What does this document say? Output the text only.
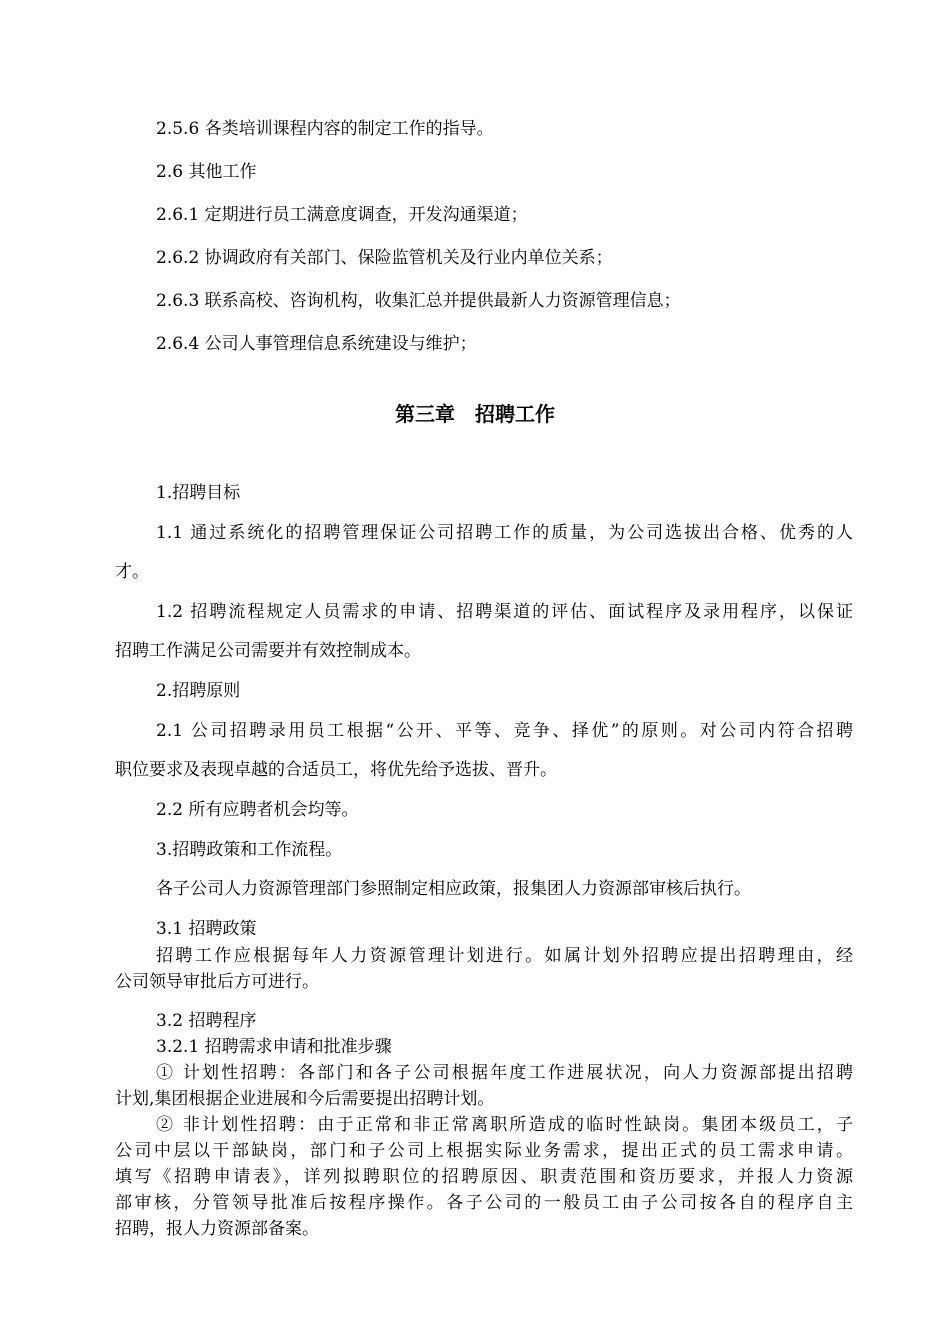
2.5.6 各类培训课程内容的制定工作的指导。
2.6 其他工作
2.6.1 定期进行员工满意度调查，开发沟通渠道；
2.6.2 协调政府有关部门、保险监管机关及行业内单位关系；
2.6.3 联系高校、咨询机构，收集汇总并提供最新人力资源管理信息；
2.6.4 公司人事管理信息系统建设与维护；
第三章　招聘工作
1.招聘目标
1.1 通过系统化的招聘管理保证公司招聘工作的质量，为公司选拔出合格、优秀的人
才。
1.2 招聘流程规定人员需求的申请、招聘渠道的评估、面试程序及录用程序，以保证
招聘工作满足公司需要并有效控制成本。
2.招聘原则
2.1 公司招聘录用员工根据“公开、平等、竞争、择优”的原则。对公司内符合招聘
职位要求及表现卓越的合适员工，将优先给予选拔、晋升。
2.2 所有应聘者机会均等。
3.招聘政策和工作流程。
各子公司人力资源管理部门参照制定相应政策，报集团人力资源部审核后执行。
3.1 招聘政策
招聘工作应根据每年人力资源管理计划进行。如属计划外招聘应提出招聘理由，经
公司领导审批后方可进行。
3.2 招聘程序
3.2.1 招聘需求申请和批准步骤
① 计划性招聘：各部门和各子公司根据年度工作进展状况，向人力资源部提出招聘
计划,集团根据企业进展和今后需要提出招聘计划。
② 非计划性招聘：由于正常和非正常离职所造成的临时性缺岗。集团本级员工，子
公司中层以干部缺岗，部门和子公司上根据实际业务需求，提出正式的员工需求申请。
填写《招聘申请表》，详列拟聘职位的招聘原因、职责范围和资历要求，并报人力资源
部审核，分管领导批准后按程序操作。各子公司的一般员工由子公司按各自的程序自主
招聘，报人力资源部备案。
